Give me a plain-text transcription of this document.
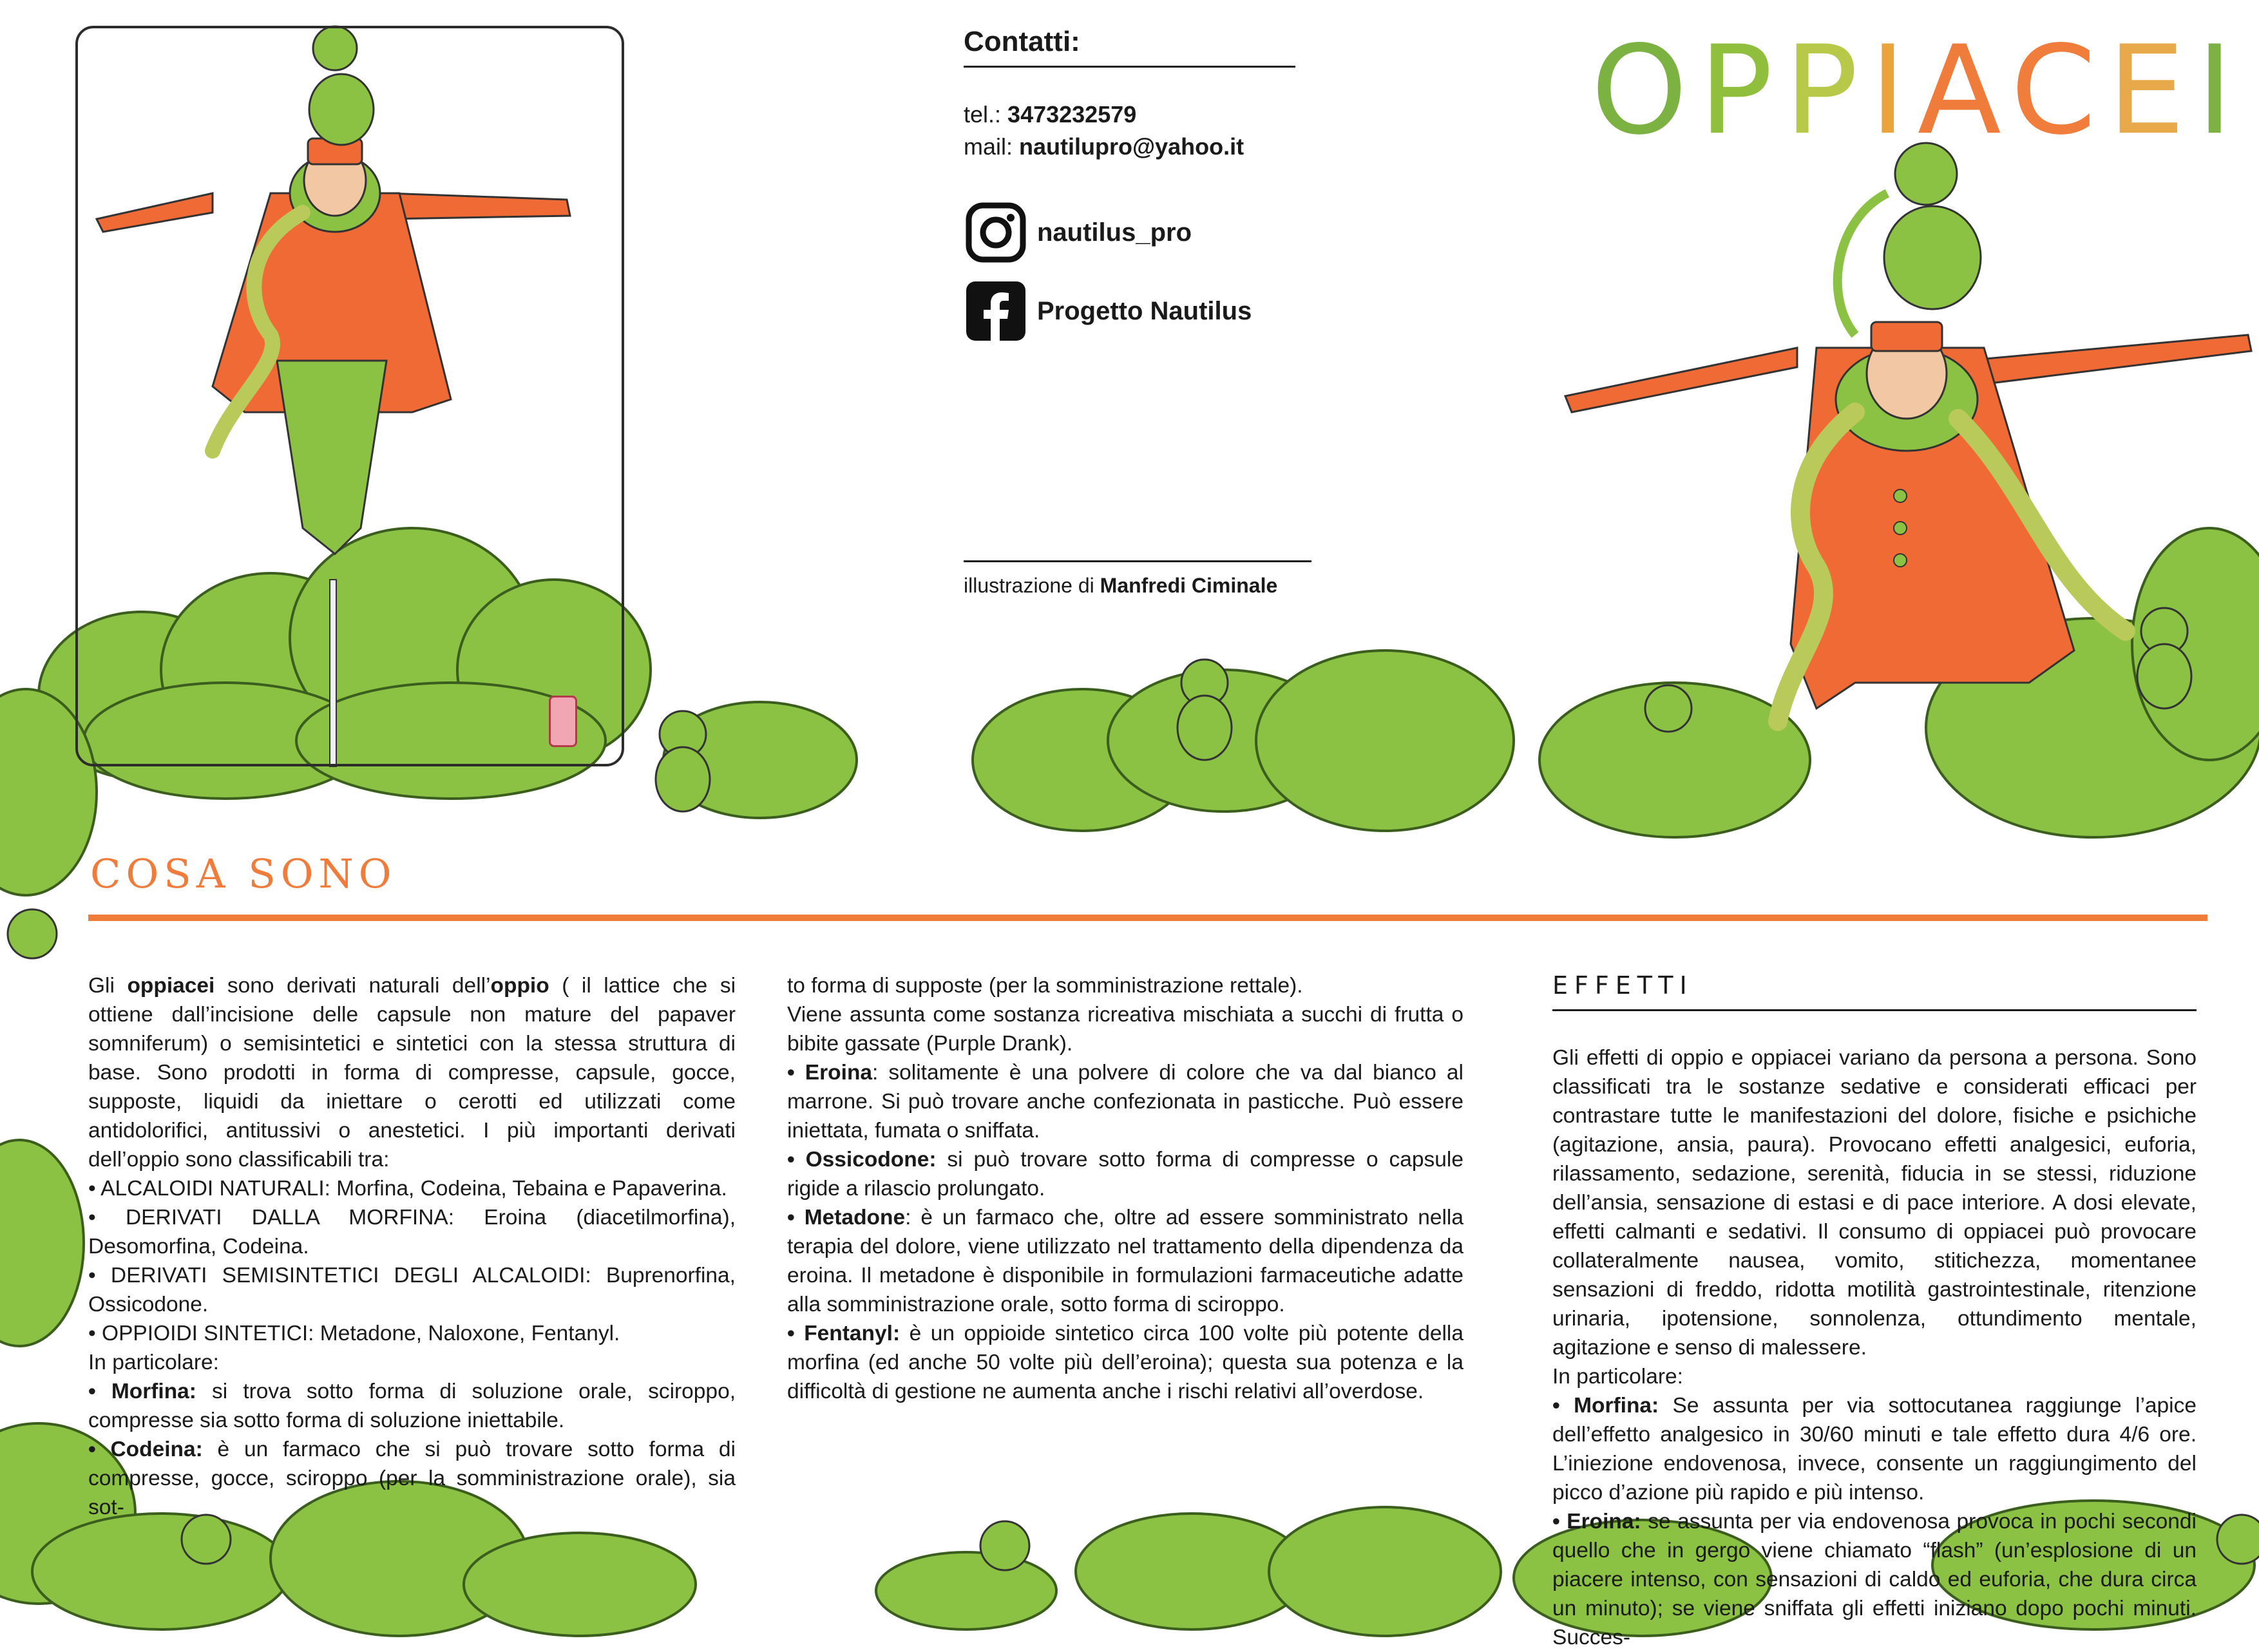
Contatti:
tel.: 3473232579
mail: nautilupro@yahoo.it
nautilus_pro
Progetto Nautilus
illustrazione di Manfredi Ciminale
OPPIACEI
COSA SONO

Gli oppiacei sono derivati naturali dell’oppio ( il lattice che si ottiene dall’incisione delle capsule non mature del papaver somniferum) o semisintetici e sintetici con la stessa struttura di base. Sono prodotti in forma di compresse, capsule, gocce, supposte, liquidi da iniettare o cerotti ed utilizzati come antidolorifici, antitussivi o anestetici. I più importanti derivati dell’oppio sono classificabili tra:

• ALCALOIDI NATURALI: Morfina, Codeina, Tebaina e Papaverina.

• DERIVATI DALLA MORFINA: Eroina (diacetilmorfina), Desomorfina, Codeina.

• DERIVATI SEMISINTETICI DEGLI ALCALOIDI: Buprenorfina, Ossicodone.

• OPPIOIDI SINTETICI: Metadone, Naloxone, Fentanyl.

In particolare:

• Morfina: si trova sotto forma di soluzione orale, sciroppo, compresse sia sotto forma di soluzione iniettabile.

• Codeina: è un farmaco che si può trovare sotto forma di compresse, gocce, sciroppo (per la somministrazione orale), sia sot-

to forma di supposte (per la somministrazione rettale).

Viene assunta come sostanza ricreativa mischiata a succhi di frutta o bibite gassate (Purple Drank).

• Eroina: solitamente è una polvere di colore che va dal bianco al marrone. Si può trovare anche confezionata in pasticche. Può essere iniettata, fumata o sniffata.

• Ossicodone: si può trovare sotto forma di compresse o capsule rigide a rilascio prolungato.

• Metadone: è un farmaco che, oltre ad essere somministrato nella terapia del dolore, viene utilizzato nel trattamento della dipendenza da eroina. Il metadone è disponibile in formulazioni farmaceutiche adatte alla somministrazione orale, sotto forma di sciroppo.

• Fentanyl: è un oppioide sintetico circa 100 volte più potente della morfina (ed anche 50 volte più dell’eroina); questa sua potenza e la difficoltà di gestione ne aumenta anche i rischi relativi all’overdose.

EFFETTI

Gli effetti di oppio e oppiacei variano da persona a persona. Sono classificati tra le sostanze sedative e considerati efficaci per contrastare tutte le manifestazioni del dolore, fisiche e psichiche (agitazione, ansia, paura). Provocano effetti analgesici, euforia, rilassamento, sedazione, serenità, fiducia in se stessi, riduzione dell’ansia, sensazione di estasi e di pace interiore. A dosi elevate, effetti calmanti e sedativi. Il consumo di oppiacei può provocare collateralmente nausea, vomito, stitichezza, momentanee sensazioni di freddo, ridotta motilità gastrointestinale, ritenzione urinaria, ipotensione, sonnolenza, ottundimento mentale, agitazione e senso di malessere.

In particolare:

• Morfina: Se assunta per via sottocutanea raggiunge l’apice dell’effetto analgesico in 30/60 minuti e tale effetto dura 4/6 ore. L’iniezione endovenosa, invece, consente un raggiungimento del picco d’azione più rapido e più intenso.

• Eroina: se assunta per via endovenosa provoca in pochi secondi quello che in gergo viene chiamato “flash” (un’esplosione di un piacere intenso, con sensazioni di caldo ed euforia, che dura circa un minuto); se viene sniffata gli effetti iniziano dopo pochi minuti. Succes-
